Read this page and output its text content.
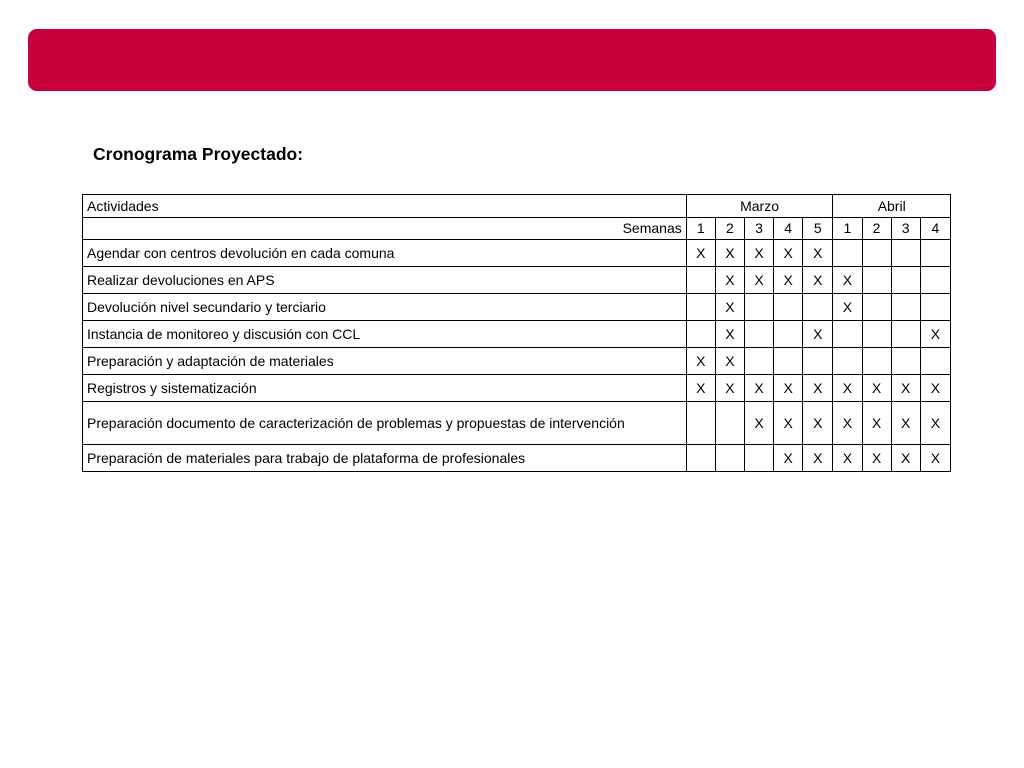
Cronograma Proyectado:
Actividades	Marzo					Abril			
Semanas	1	2	3	4	5	1	2	3	4
Agendar con centros devolución en cada comuna	X	X	X	X	X				
Realizar devoluciones en APS		X	X	X	X	X			
Devolución nivel secundario y terciario		X				X			
Instancia de monitoreo y discusión con CCL		X			X				X
Preparación y adaptación de materiales	X	X							
Registros y sistematización	X	X	X	X	X	X	X	X	X
Preparación documento de caracterización de problemas y propuestas de intervención			X	X	X	X	X	X	X
Preparación de materiales para trabajo de plataforma de profesionales				X	X	X	X	X	X
